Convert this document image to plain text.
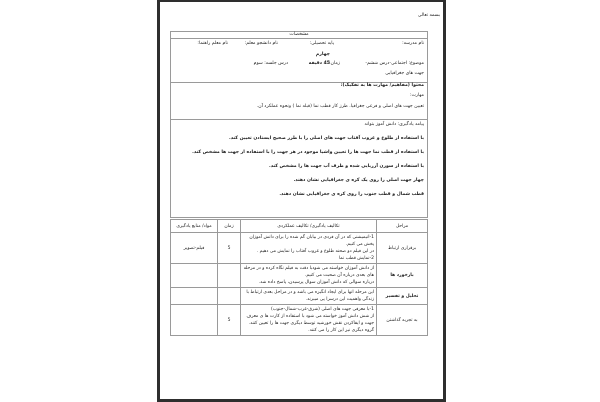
بسمه تعالی
مشخصات
نام مدرسه:
پایه تحصیلی:
نام دانشجو معلم:
نام معلم راهنما:
چهارم
موضوع: اجتماعی-درس ششم-
زمان:
45 دقیقه
درس جلسه: سوم
جهت های جغرافیایی
محتوا (مفاهیم/ مهارت ها به تفکیک):
مهارت:
تعیین جهت های اصلی و فرعی جغرافیا. طرز کار قطب نما (قبله نما ) ونحوه عملکرد آن.
پیامد یادگیری: دانش آموز بتواند
با استفاده از طلوع و غروب آفتاب جهت های اصلی را با طرز صحیح ایستادن تعیین کند.
با استفاده از قطب نما جهت ها را تعیین واشیا موجود در هر جهت را با استفاده از جهت ها مشخص کند.
با استفاده از سوزن آزربایی شده و ظرف آب جهت ها را مشخص کند.
چهار جهت اصلی را روی یک کره ی جغرافیایی نشان دهند.
قطب شمال و قطب جنوب را روی کره ی جغرافیایی نشان دهند.
مراحل	تکالیف یادگیری/ تکالیف عملکردی	زمان	مواد/ منابع یادگیری
برقراری ارتباط	1-انیمیشنی که در آن فردی در بیابان گم شده را برای دانش آموزان
پخش می کنیم.
در این فیلم دو صحنه طلوع و غروب آفتاب را نمایش می دهیم .
2-نمایش قطب نما	5	فیلم-تصویر
بازخورد ها	از دانش آموزان خواسته می شودبا دقت به فیلم نگاه کرده و در مرحله
های بعدی درباره آن صحبت می کنیم.
درباره سوالی که دانش آموزان سوال پرسیدن، پاسخ داده شد.		

تحلیل و تفسیر	این مرحله انها برای ایجاد انگیزه می باشد و در مراحل بعدی ارتباط با
زندگی واهمیت این درسرا پی میبرند.		

به تجربه گذاشتن	1-با معرفی جهت های اصلی (شرق-غرب-شمال-جنوب)
از شش دانش آموز خواسته می شود با استفاده از کارت ها ی معرف
جهت و ایفاکردن نقش خورشید توسط دیگری جهت ها را تعیین کنند.
گروه دیگری نیز این کار را می کنند.	5	
